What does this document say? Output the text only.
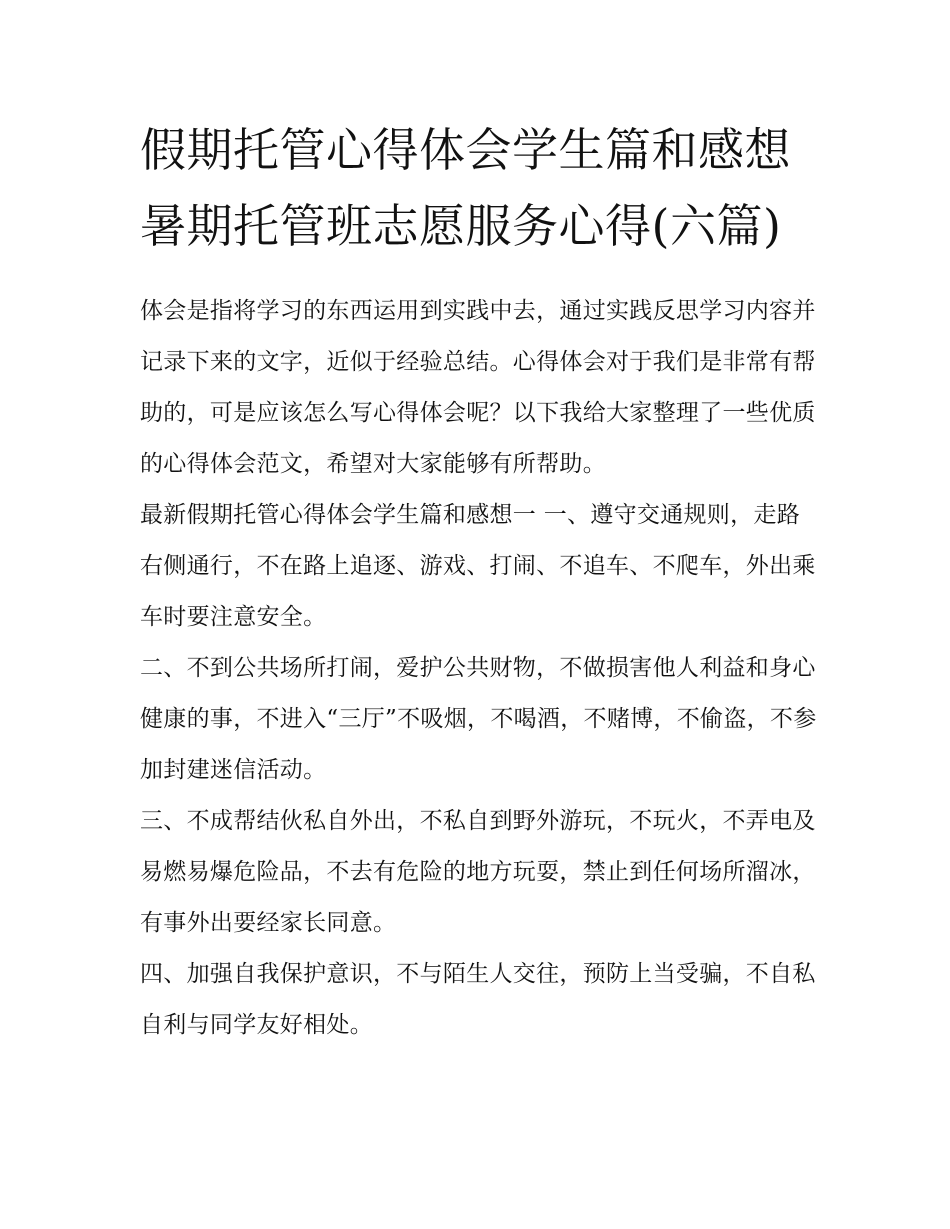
假期托管心得体会学生篇和感想 暑期托管班志愿服务心得(六篇)

体会是指将学习的东西运用到实践中去，通过实践反思学习内容并记录下来的文字，近似于经验总结。心得体会对于我们是非常有帮助的，可是应该怎么写心得体会呢？以下我给大家整理了一些优质的心得体会范文，希望对大家能够有所帮助。

最新假期托管心得体会学生篇和感想一 一、遵守交通规则，走路右侧通行，不在路上追逐、游戏、打闹、不追车、不爬车，外出乘车时要注意安全。

二、不到公共场所打闹，爱护公共财物，不做损害他人利益和身心健康的事，不进入“三厅”不吸烟，不喝酒，不赌博，不偷盗，不参加封建迷信活动。

三、不成帮结伙私自外出，不私自到野外游玩，不玩火，不弄电及易燃易爆危险品，不去有危险的地方玩耍，禁止到任何场所溜冰，有事外出要经家长同意。

四、加强自我保护意识，不与陌生人交往，预防上当受骗，不自私自利与同学友好相处。
